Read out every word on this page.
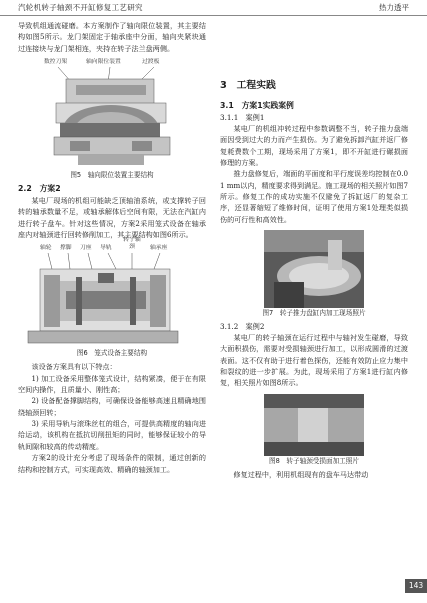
汽轮机转子轴颈不开缸修复工艺研究	热力透平

导致机组通流碰磨。本方案制作了轴向限位装置，其主要结构如图5所示。龙门架固定于轴承座中分面，轴向夹紧块通过连接块与龙门架相连，夹持在转子法兰盘两侧。

数控刀架	轴向限位装置	过渡板
图5　轴向限位装置主要结构
2.2　方案2

某电厂现场的机组可能缺乏顶轴油系统，或支撑转子回转的轴承数量不足，或轴承解体后空间有限，无法在汽缸内进行转子盘车。针对这些情况，方案2采用笼式设备在轴承座内对轴颈进行回转修削加工，其主要结构如图6所示。

轴轮 撑脚 刀座 导轨
转子轴颈	轴承座
图6　笼式设备主要结构

该设备方案具有以下特点：

1) 加工设备采用整体笼式设计，结构紧凑，便于在有限空间内操作，且质量小、刚性高；

2) 设备配备撑脚结构，可确保设备能够高速且精确地围绕轴颈回转；

3) 采用导轨与滚珠丝杠的组合，可提供高精度的轴向进给运动，该机构在抵抗切削扭矩的同时，能够保证较小的导轨间隙和较高的传动精度。

方案2的设计充分考虑了现场条件的限制，通过创新的结构和控制方式，可实现高效、精确的轴颈加工。

3　工程实践
3.1　方案1实践案例
3.1.1　案例1

某电厂的机组冲转过程中参数调整不当，转子推力盘端面因受到过大的力而产生损伤。为了避免拆卸汽缸并返厂修复耗费数个工期，现场采用了方案1，即不开缸进行碾损面修理的方案。

推力盘修复后，端面的平面度和平行度误差均控制在0.01 mm以内，精度要求得到满足。施工现场的相关照片如图7所示。修复工作的成功实施不仅避免了拆缸返厂的复杂工序，还显著缩短了维修时间，证明了使用方案1处理类似损伤的可行性和高效性。

图7　转子推力盘缸内加工现场照片
3.1.2　案例2

某电厂的转子轴颈在运行过程中与轴衬发生碰磨，导致大面积损伤，需要对受损轴颈进行加工，以形成圆滑的过渡表面。这不仅有助于进行着色探伤，还能有效防止应力集中和裂纹的进一步扩展。为此，现场采用了方案1进行缸内修复，相关照片如图8所示。

图8　转子轴颈受损面加工照片

修复过程中，利用机组现有的盘车马达带动

143
